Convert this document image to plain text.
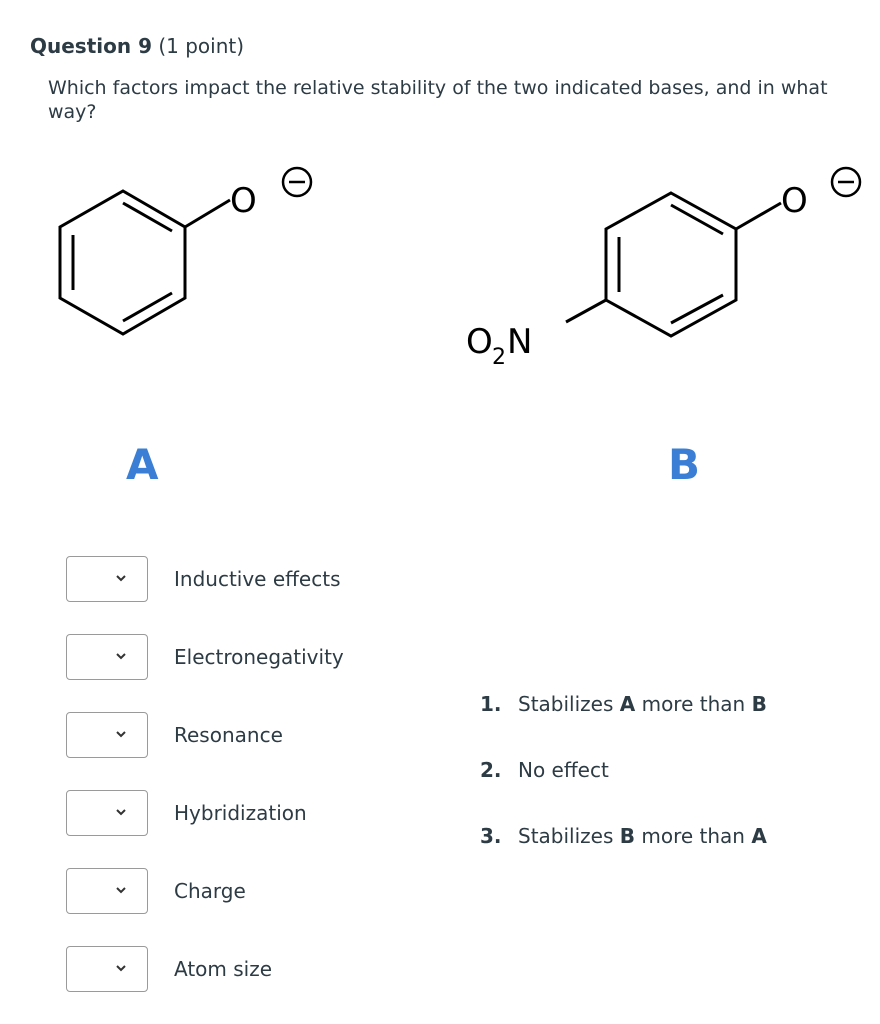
Question 9 (1 point)
Which factors impact the relative stability of the two indicated bases, and in what way?
O	O
O 2 N
A	B
Inductive effects
Electronegativity
Resonance
Hybridization
Charge
Atom size
1. Stabilizes A more than B
2. No effect
3. Stabilizes B more than A
